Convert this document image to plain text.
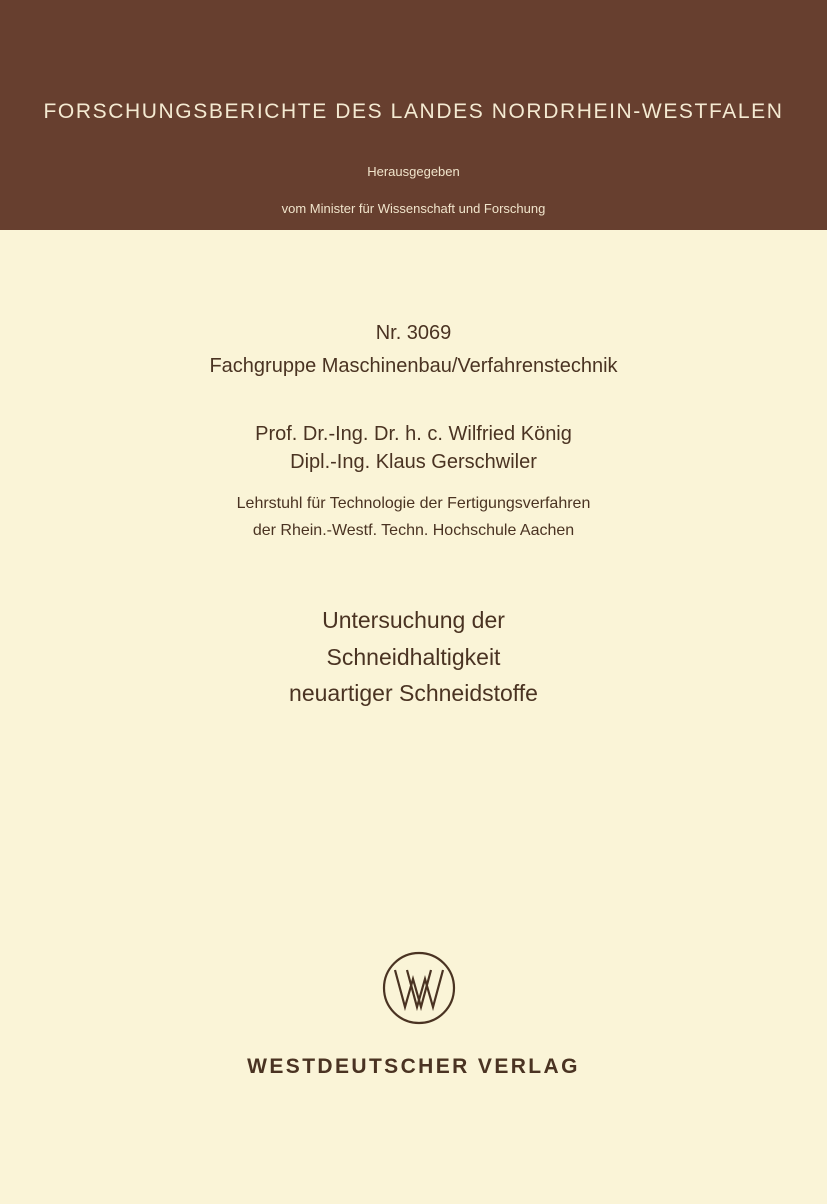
FORSCHUNGSBERICHTE DES LANDES NORDRHEIN-WESTFALEN
Herausgegeben
vom Minister für Wissenschaft und Forschung
Nr. 3069
Fachgruppe Maschinenbau/Verfahrenstechnik
Prof. Dr.-Ing. Dr. h. c. Wilfried König
Dipl.-Ing. Klaus Gerschwiler
Lehrstuhl für Technologie der Fertigungsverfahren
der Rhein.-Westf. Techn. Hochschule Aachen
Untersuchung der
Schneidhaltigkeit
neuartiger Schneidstoffe
WESTDEUTSCHER VERLAG
